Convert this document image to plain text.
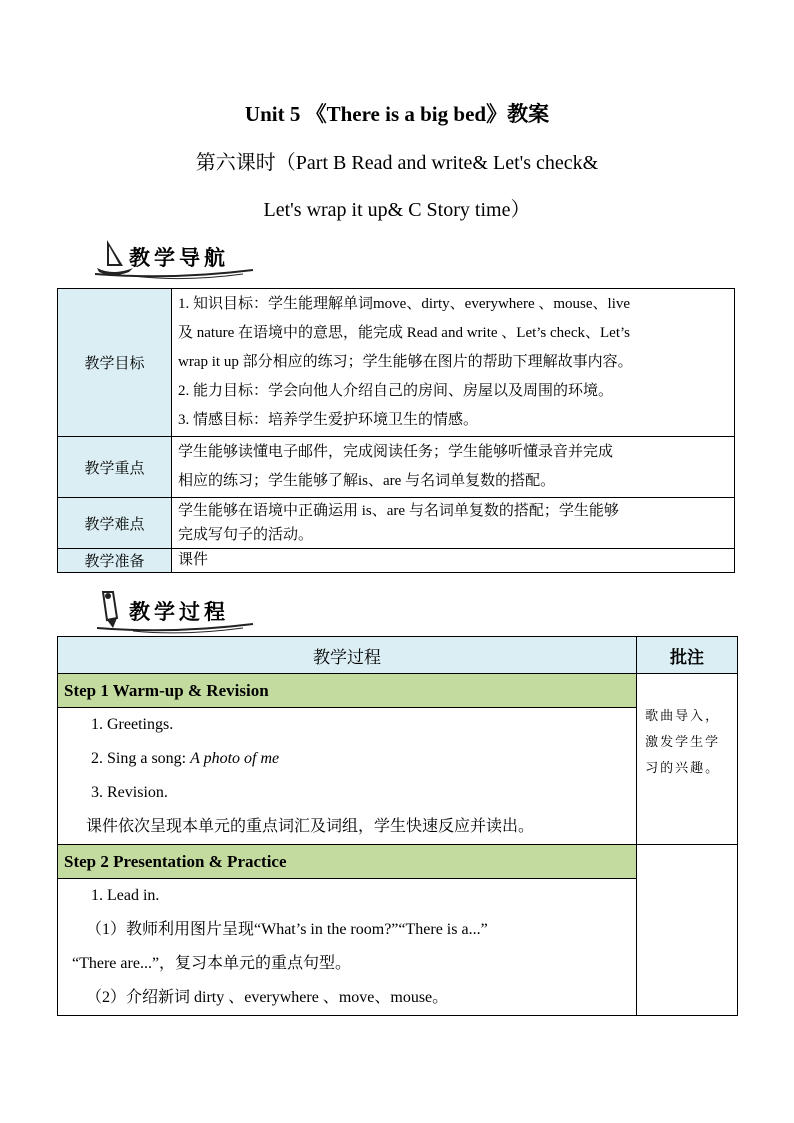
Unit 5 《There is a big bed》教案
第六课时（Part B Read and write& Let's check&
Let's wrap it up& C Story time）
教学导航
教学目标	1. 知识目标：学生能理解单词move、dirty、everywhere 、mouse、live
及 nature 在语境中的意思，能完成 Read and write 、Let’s check、Let’s
wrap it up 部分相应的练习；学生能够在图片的帮助下理解故事内容。
2. 能力目标：学会向他人介绍自己的房间、房屋以及周围的环境。
3. 情感目标：培养学生爱护环境卫生的情感。

教学重点	学生能够读懂电子邮件，完成阅读任务；学生能够听懂录音并完成
相应的练习；学生能够了解is、are 与名词单复数的搭配。

教学难点	学生能够在语境中正确运用 is、are 与名词单复数的搭配；学生能够
完成写句子的活动。

教学准备	课件
教学过程
教学过程	批注
Step 1 Warm-up & Revision	歌曲导入，
激发学生学
习的兴趣。

1. Greetings.

2. Sing a song: A photo of me

3. Revision.

课件依次呈现本单元的重点词汇及词组，学生快速反应并读出。	

Step 2 Presentation & Practice	

1. Lead in.

（1）教师利用图片呈现“What’s in the room?”“There is a...”

“There are...”，复习本单元的重点句型。

（2）介绍新词 dirty 、everywhere 、move、mouse。	
